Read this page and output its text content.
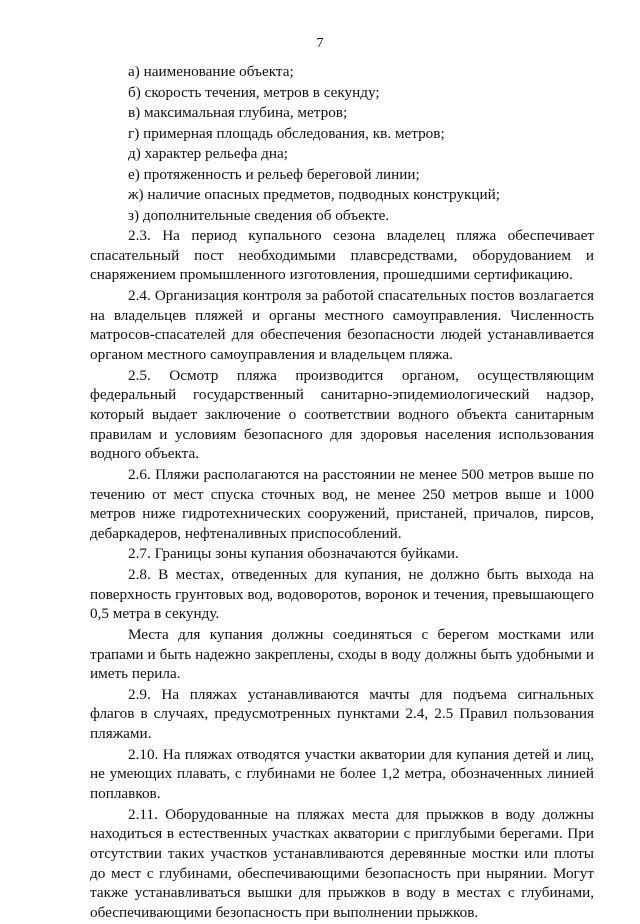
7
а) наименование объекта;
б) скорость течения, метров в секунду;
в) максимальная глубина, метров;
г) примерная площадь обследования, кв. метров;
д) характер рельефа дна;
е) протяженность и рельеф береговой линии;
ж) наличие опасных предметов, подводных конструкций;
з) дополнительные сведения об объекте.

2.3. На период купального сезона владелец пляжа обеспечивает спасательный пост необходимыми плавсредствами, оборудованием и снаряжением промышленного изготовления, прошедшими сертификацию.

2.4. Организация контроля за работой спасательных постов возлагается на владельцев пляжей и органы местного самоуправления. Численность матросов-спасателей для обеспечения безопасности людей устанавливается органом местного самоуправления и владельцем пляжа.

2.5. Осмотр пляжа производится органом, осуществляющим федеральный государственный санитарно-эпидемиологический надзор, который выдает заключение о соответствии водного объекта санитарным правилам и условиям безопасного для здоровья населения использования водного объекта.

2.6. Пляжи располагаются на расстоянии не менее 500 метров выше по течению от мест спуска сточных вод, не менее 250 метров выше и 1000 метров ниже гидротехнических сооружений, пристаней, причалов, пирсов, дебаркадеров, нефтеналивных приспособлений.

2.7. Границы зоны купания обозначаются буйками.

2.8. В местах, отведенных для купания, не должно быть выхода на поверхность грунтовых вод, водоворотов, воронок и течения, превышающего 0,5 метра в секунду.

Места для купания должны соединяться с берегом мостками или трапами и быть надежно закреплены, сходы в воду должны быть удобными и иметь перила.

2.9. На пляжах устанавливаются мачты для подъема сигнальных флагов в случаях, предусмотренных пунктами 2.4, 2.5 Правил пользования пляжами.

2.10. На пляжах отводятся участки акватории для купания детей и лиц, не умеющих плавать, с глубинами не более 1,2 метра, обозначенных линией поплавков.

2.11. Оборудованные на пляжах места для прыжков в воду должны находиться в естественных участках акватории с приглубыми берегами. При отсутствии таких участков устанавливаются деревянные мостки или плоты до мест с глубинами, обеспечивающими безопасность при нырянии. Могут также устанавливаться вышки для прыжков в воду в местах с глубинами, обеспечивающими безопасность при выполнении прыжков.
